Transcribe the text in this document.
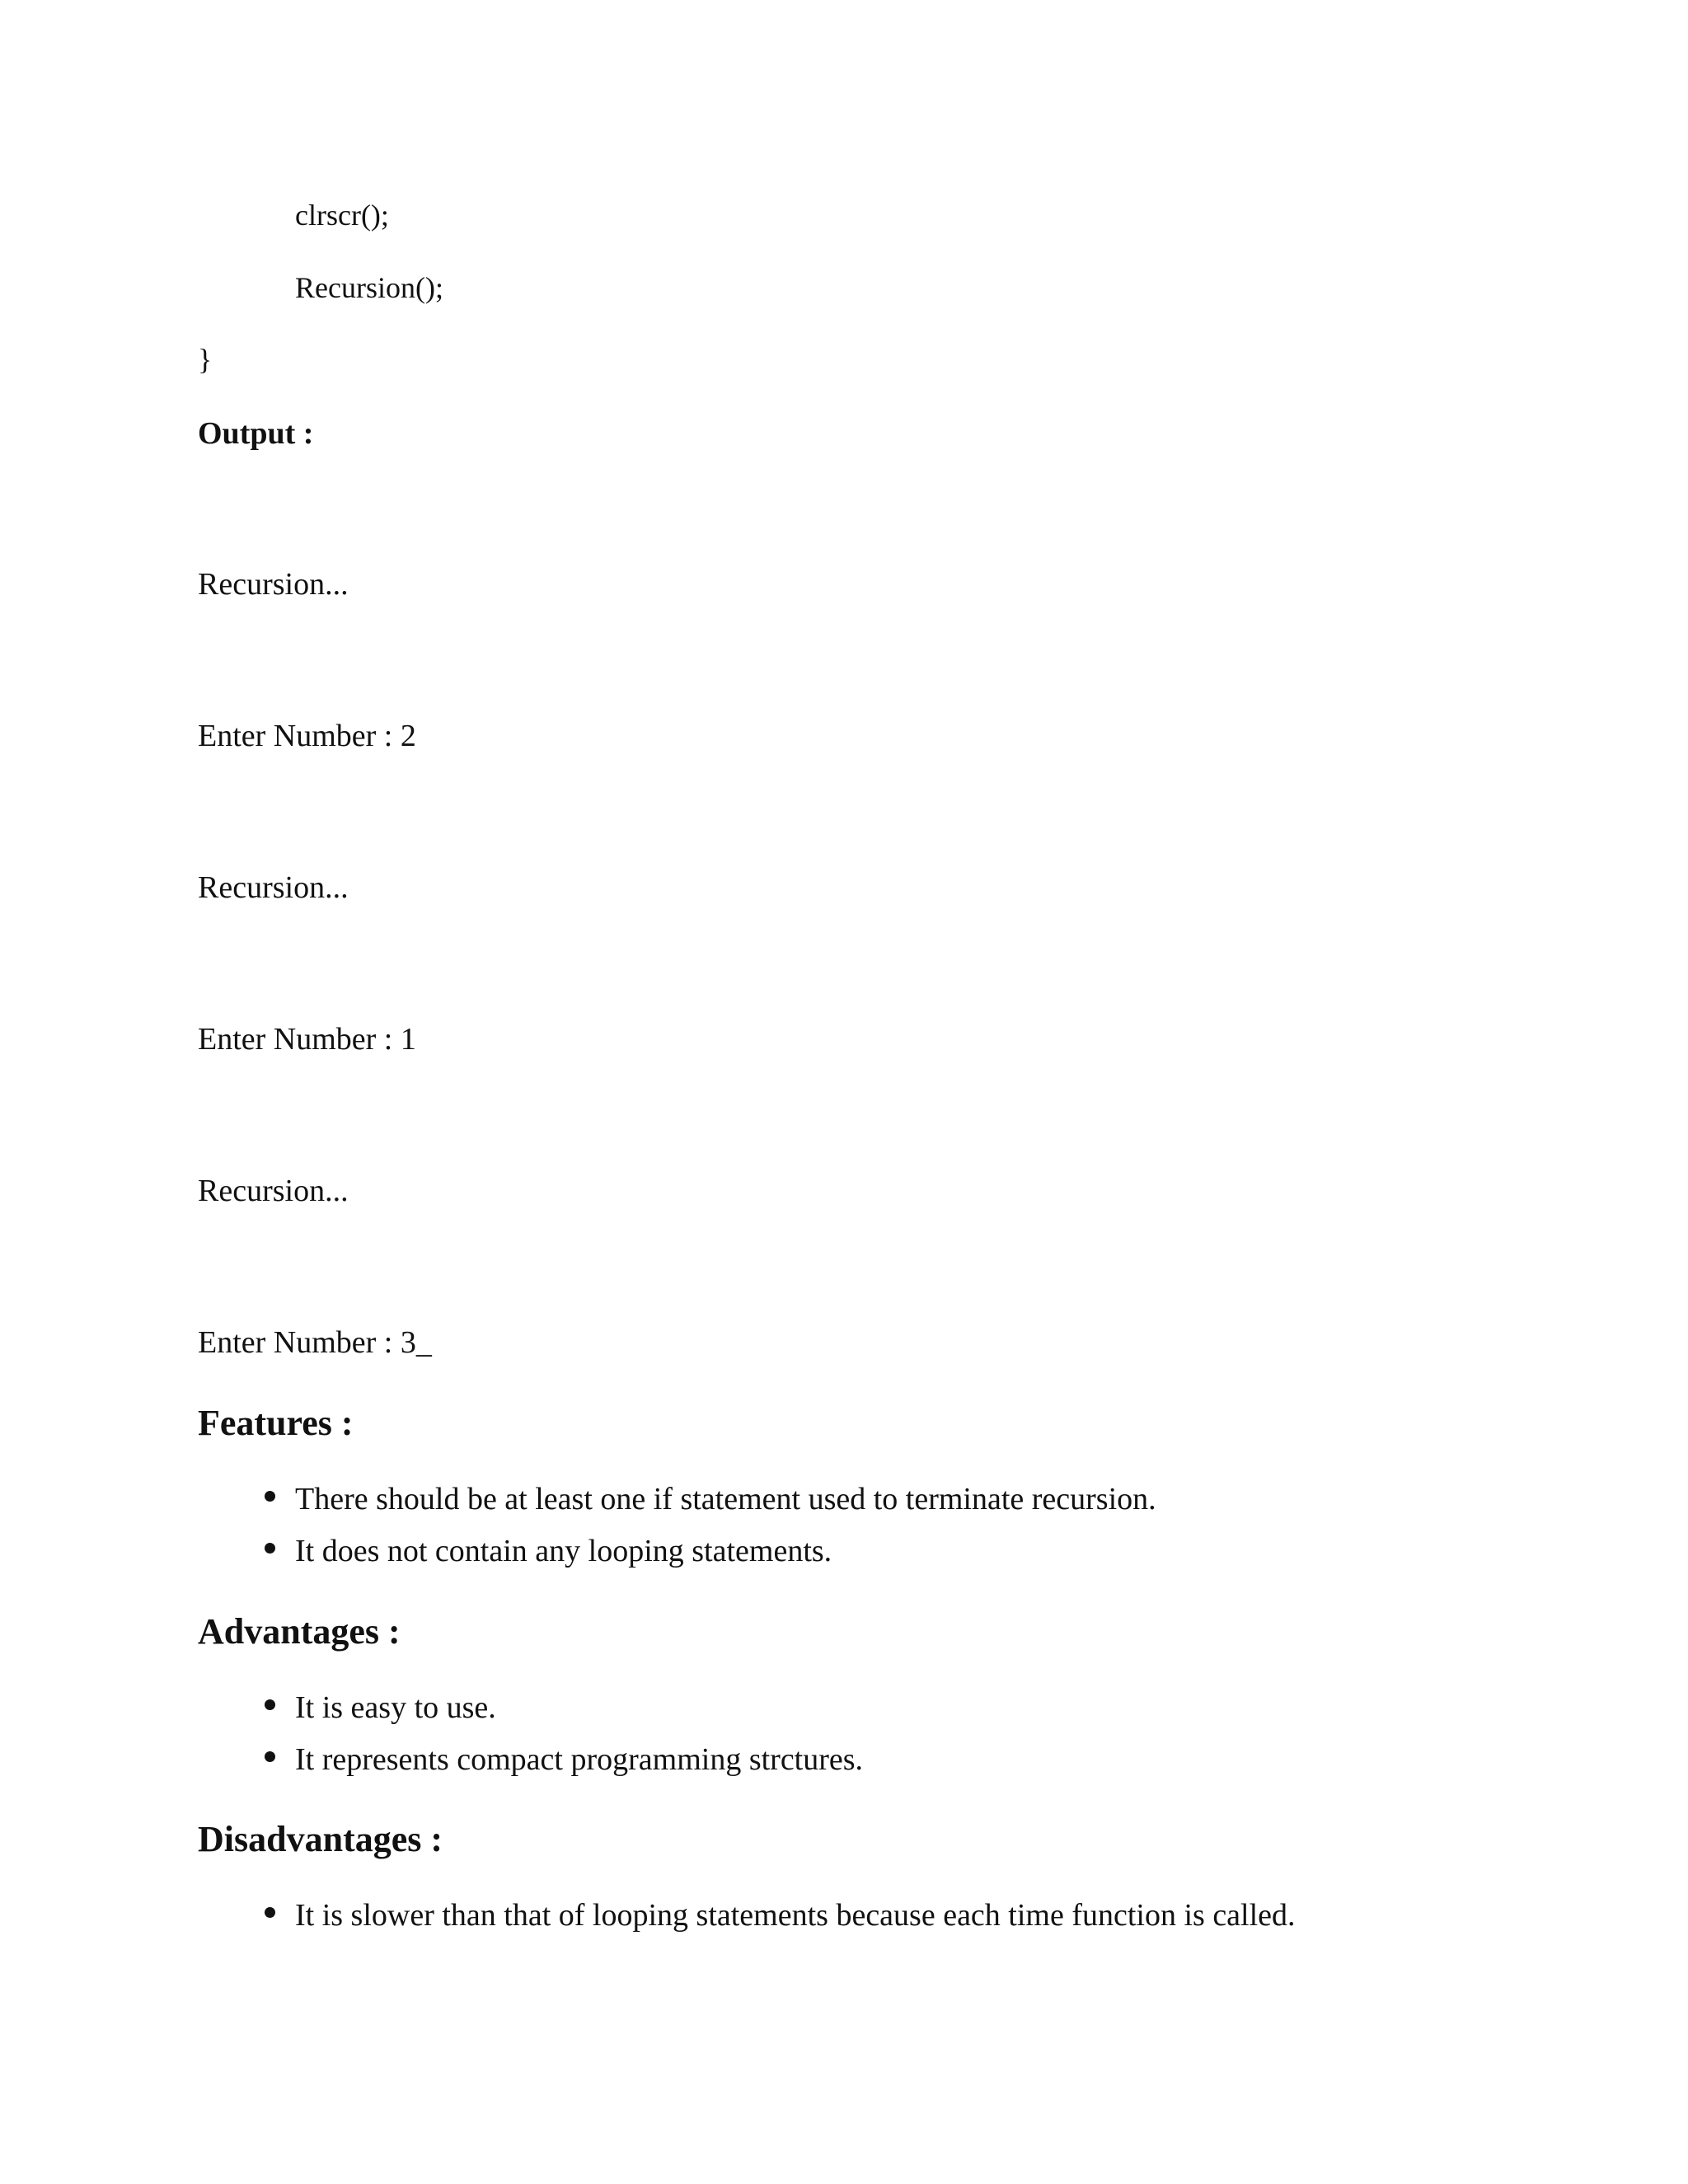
clrscr();
Recursion();
}
Output :
Recursion...
Enter Number : 2
Recursion...
Enter Number : 1
Recursion...
Enter Number : 3_
Features :
There should be at least one if statement used to terminate recursion.
It does not contain any looping statements.
Advantages :
It is easy to use.
It represents compact programming strctures.
Disadvantages :
It is slower than that of looping statements because each time function is called.
